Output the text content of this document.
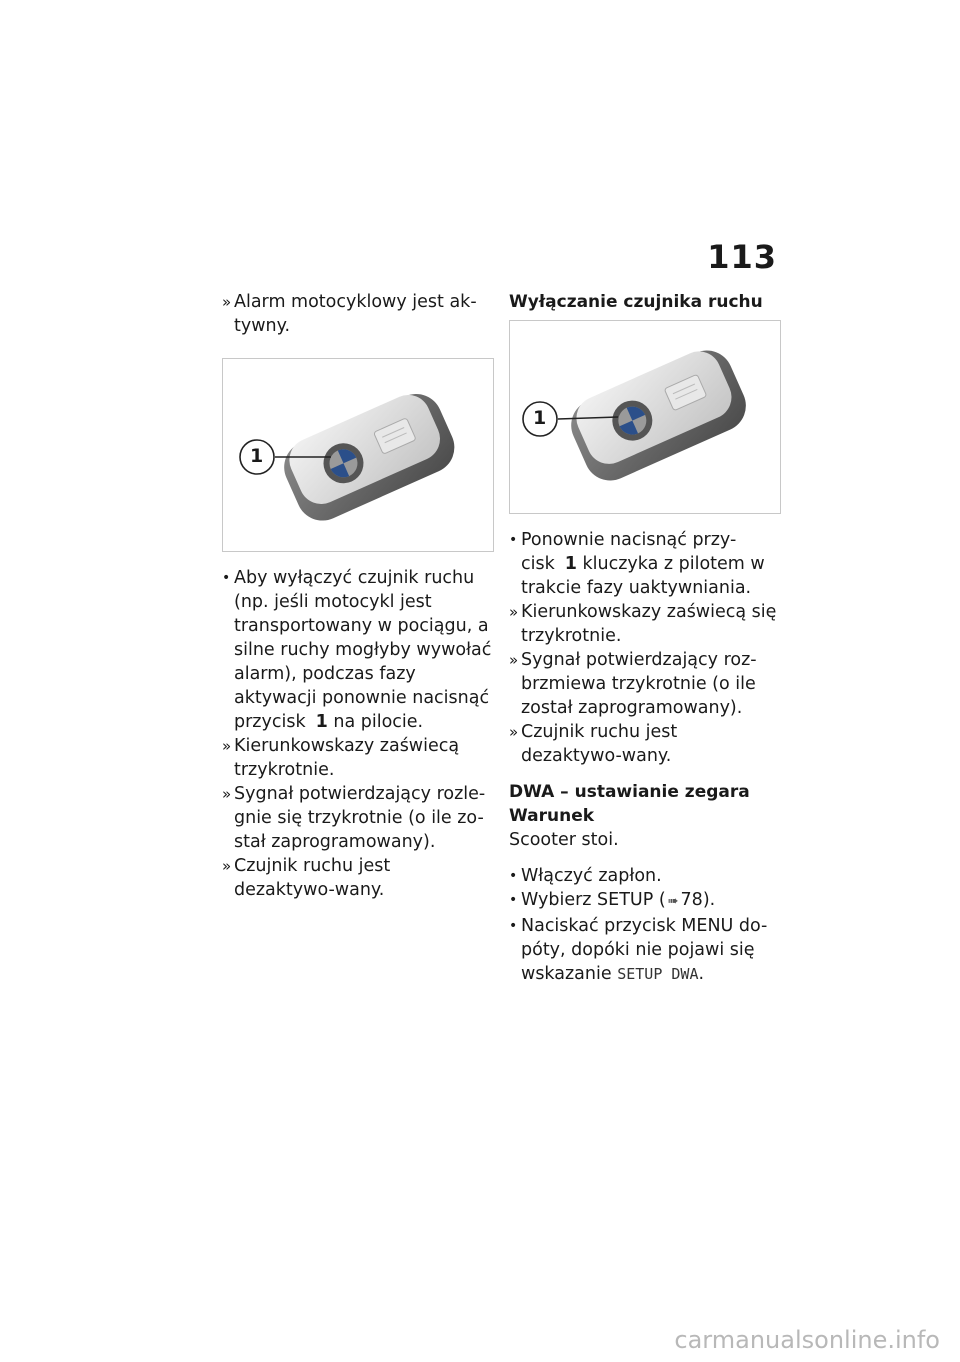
113
» Alarm motocyklowy jest ak-tywny.
1
• Aby wyłączyć czujnik ruchu (np. jeśli motocykl jest transportowany w pociągu, a silne ruchy mogłyby wywołać alarm), podczas fazy aktywacji ponownie nacisnąć przycisk 1 na pilocie.
» Kierunkowskazy zaświecą trzykrotnie.
» Sygnał potwierdzający rozle-gnie się trzykrotnie (o ile zo-stał zaprogramowany).
» Czujnik ruchu jest dezaktywo-wany.
Wyłączanie czujnika ruchu
1
• Ponownie nacisnąć przy-cisk 1 kluczyka z pilotem w trakcie fazy uaktywniania.
» Kierunkowskazy zaświecą się trzykrotnie.
» Sygnał potwierdzający roz-brzmiewa trzykrotnie (o ile został zaprogramowany).
» Czujnik ruchu jest dezaktywo-wany.
DWA – ustawianie zegara
Warunek
Scooter stoi.
• Włączyć zapłon.
• Wybierz SETUP ( ➠ 78).
• Naciskać przycisk MENU do-póty, dopóki nie pojawi się wskazanie SETUP DWA.
carmanualsonline.info
